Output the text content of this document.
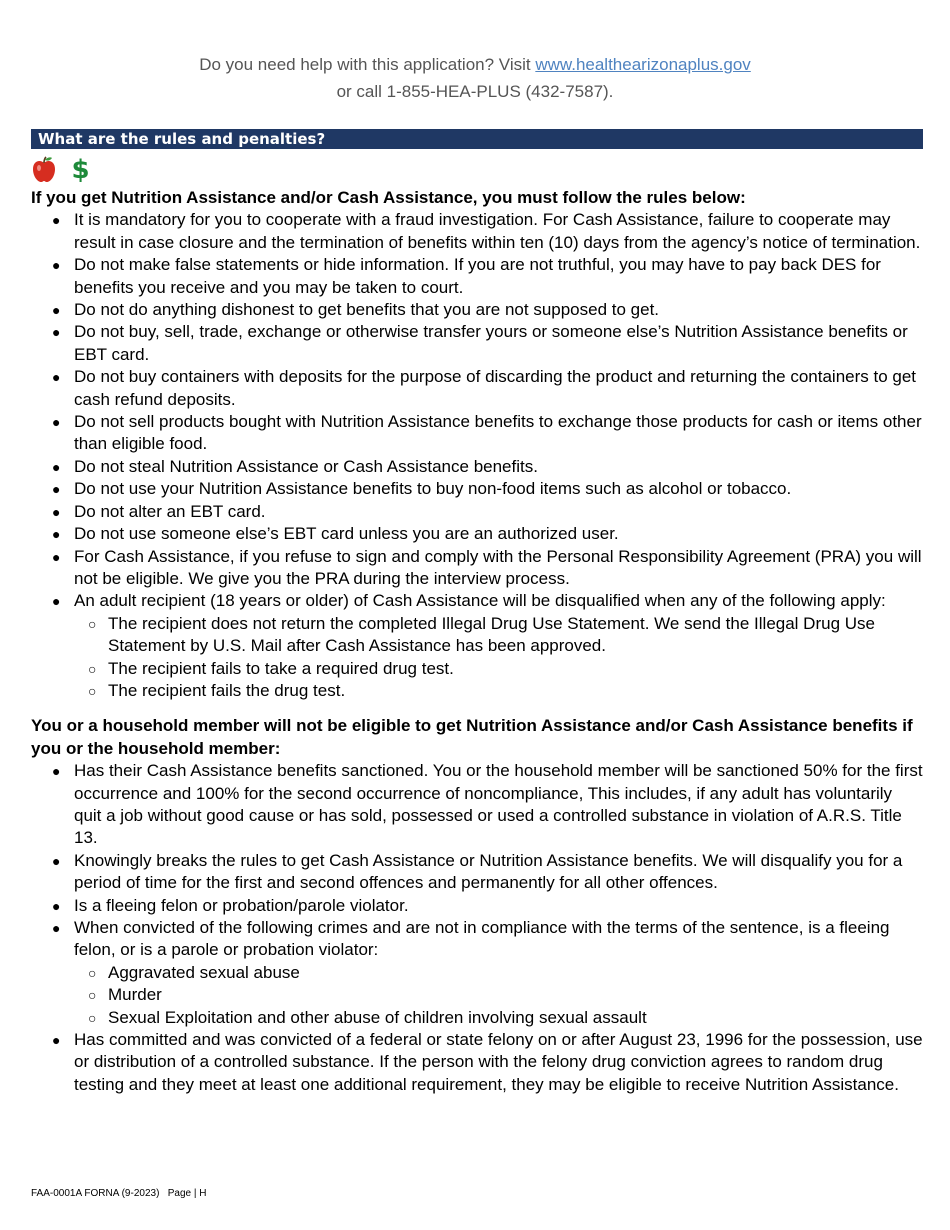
Do you need help with this application? Visit www.healthearizonaplus.gov
or call 1-855-HEA-PLUS (432-7587).
What are the rules and penalties?
$

If you get Nutrition Assistance and/or Cash Assistance, you must follow the rules below:

● It is mandatory for you to cooperate with a fraud investigation. For Cash Assistance, failure to cooperate may result in case closure and the termination of benefits within ten (10) days from the agency’s notice of termination.
● Do not make false statements or hide information. If you are not truthful, you may have to pay back DES for benefits you receive and you may be taken to court.
● Do not do anything dishonest to get benefits that you are not supposed to get.
● Do not buy, sell, trade, exchange or otherwise transfer yours or someone else’s Nutrition Assistance benefits or EBT card.
● Do not buy containers with deposits for the purpose of discarding the product and returning the containers to get cash refund deposits.
● Do not sell products bought with Nutrition Assistance benefits to exchange those products for cash or items other than eligible food.
● Do not steal Nutrition Assistance or Cash Assistance benefits.
● Do not use your Nutrition Assistance benefits to buy non-food items such as alcohol or tobacco.
● Do not alter an EBT card.
● Do not use someone else’s EBT card unless you are an authorized user.
● For Cash Assistance, if you refuse to sign and comply with the Personal Responsibility Agreement (PRA) you will not be eligible. We give you the PRA during the interview process.
● An adult recipient (18 years or older) of Cash Assistance will be disqualified when any of the following apply:
○ The recipient does not return the completed Illegal Drug Use Statement. We send the Illegal Drug Use Statement by U.S. Mail after Cash Assistance has been approved.
○ The recipient fails to take a required drug test.
○ The recipient fails the drug test.

You or a household member will not be eligible to get Nutrition Assistance and/or Cash Assistance benefits if you or the household member:

● Has their Cash Assistance benefits sanctioned. You or the household member will be sanctioned 50% for the first occurrence and 100% for the second occurrence of noncompliance, This includes, if any adult has voluntarily quit a job without good cause or has sold, possessed or used a controlled substance in violation of A.R.S. Title 13.
● Knowingly breaks the rules to get Cash Assistance or Nutrition Assistance benefits. We will disqualify you for a period of time for the first and second offences and permanently for all other offences.
● Is a fleeing felon or probation/parole violator.
● When convicted of the following crimes and are not in compliance with the terms of the sentence, is a fleeing felon, or is a parole or probation violator:
○ Aggravated sexual abuse
○ Murder
○ Sexual Exploitation and other abuse of children involving sexual assault
● Has committed and was convicted of a federal or state felony on or after August 23, 1996 for the possession, use or distribution of a controlled substance. If the person with the felony drug conviction agrees to random drug testing and they meet at least one additional requirement, they may be eligible to receive Nutrition Assistance.
FAA-0001A FORNA (9-2023) Page | H
